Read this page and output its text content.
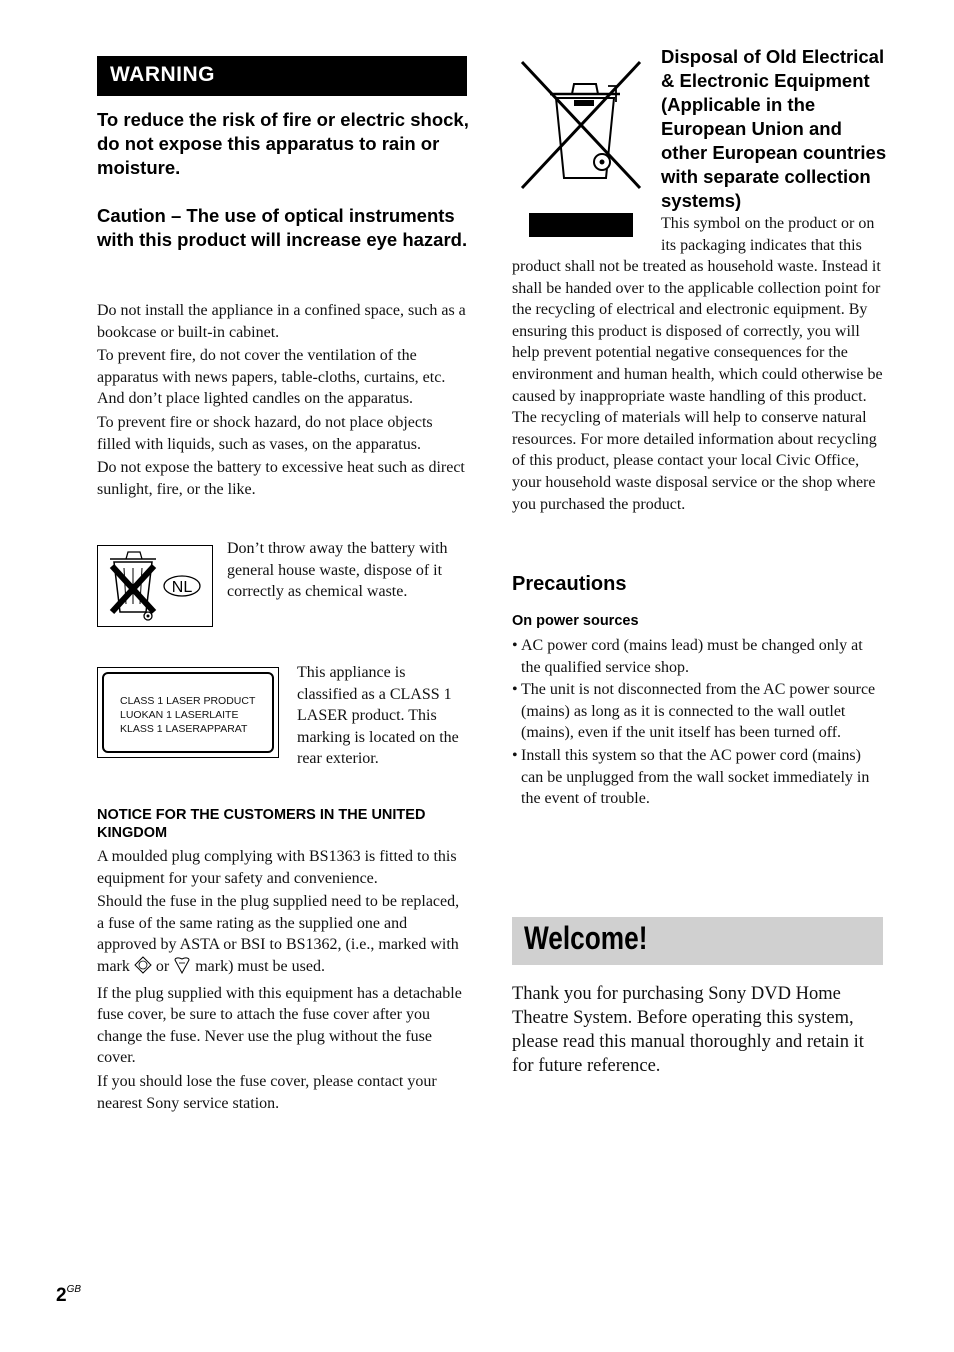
WARNING
To reduce the risk of fire or electric shock, do not expose this apparatus to rain or moisture.
Caution – The use of optical instruments with this product will increase eye hazard.

Do not install the appliance in a confined space, such as a bookcase or built-in cabinet.

To prevent fire, do not cover the ventilation of the apparatus with news papers, table-cloths, curtains, etc. And don’t place lighted candles on the apparatus.

To prevent fire or shock hazard, do not place objects filled with liquids, such as vases, on the apparatus.

Do not expose the battery to excessive heat such as direct sunlight, fire, or the like.

NL
Don’t throw away the battery with general house waste, dispose of it correctly as chemical waste.
CLASS 1 LASER PRODUCT
LUOKAN 1 LASERLAITE
KLASS 1 LASERAPPARAT
This appliance is classified as a CLASS 1 LASER product. This marking is located on the rear exterior.
NOTICE FOR THE CUSTOMERS IN THE UNITED KINGDOM

A moulded plug complying with BS1363 is fitted to this equipment for your safety and convenience.

Should the fuse in the plug supplied need to be replaced, a fuse of the same rating as the supplied one and approved by ASTA or BSI to BS1362, (i.e., marked with mark or mark) must be used.

If the plug supplied with this equipment has a detachable fuse cover, be sure to attach the fuse cover after you change the fuse. Never use the plug without the fuse cover.

If you should lose the fuse cover, please contact your nearest Sony service station.

Disposal of Old Electrical & Electronic Equipment (Applicable in the European Union and other European countries with separate collection systems)
This symbol on the product or on its packaging indicates that this
product shall not be treated as household waste. Instead it shall be handed over to the applicable collection point for the recycling of electrical and electronic equipment. By ensuring this product is disposed of correctly, you will help prevent potential negative consequences for the environment and human health, which could otherwise be caused by inappropriate waste handling of this product. The recycling of materials will help to conserve natural resources. For more detailed information about recycling of this product, please contact your local Civic Office, your household waste disposal service or the shop where you purchased the product.
Precautions
On power sources
• AC power cord (mains lead) must be changed only at the qualified service shop.
• The unit is not disconnected from the AC power source (mains) as long as it is connected to the wall outlet (mains), even if the unit itself has been turned off.
• Install this system so that the AC power cord (mains) can be unplugged from the wall socket immediately in the event of trouble.
Welcome!
Thank you for purchasing Sony DVD Home Theatre System. Before operating this system, please read this manual thoroughly and retain it for future reference.
$2^{GB}$
